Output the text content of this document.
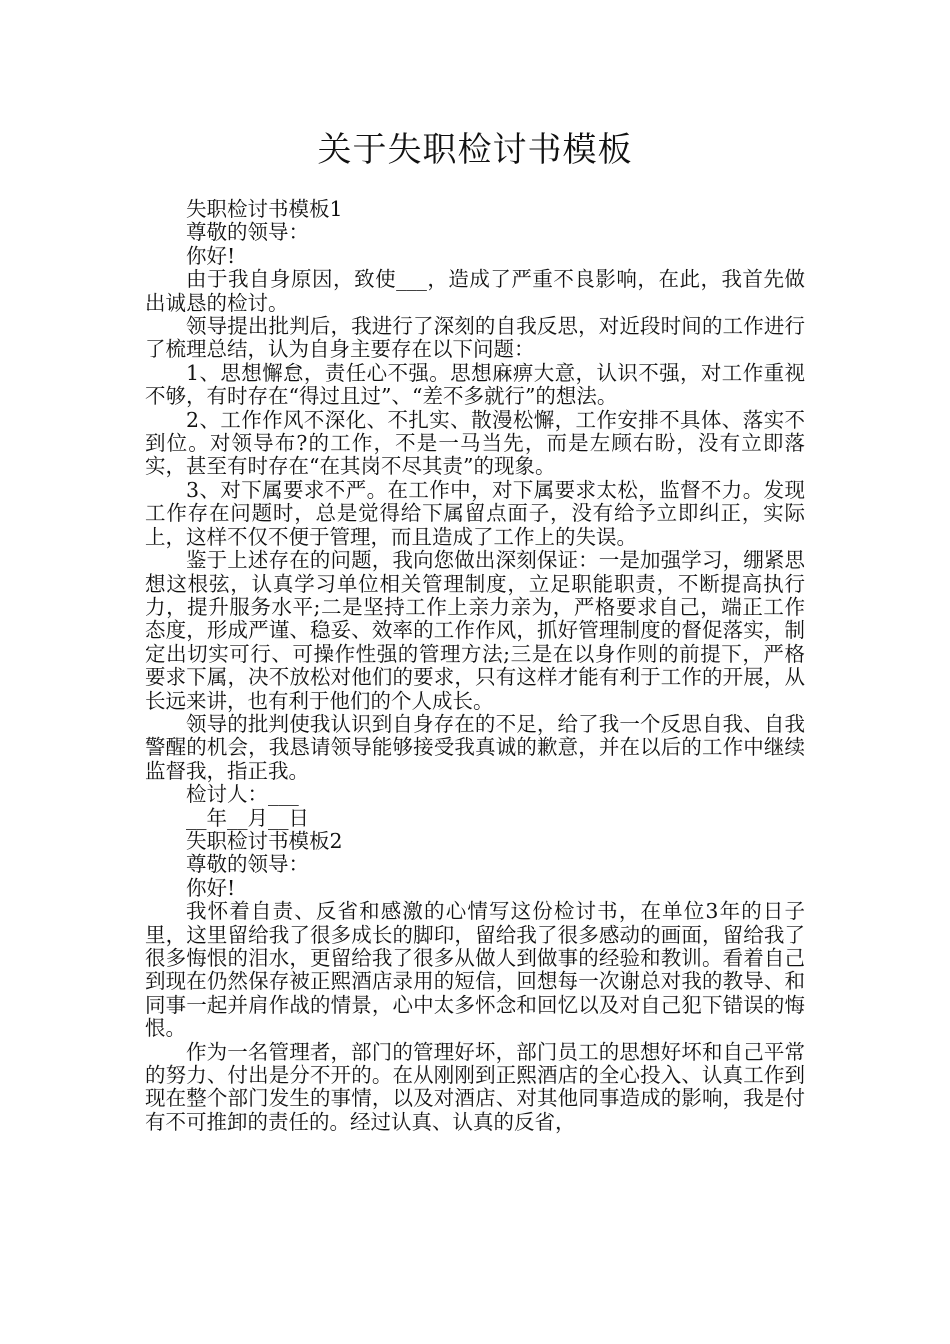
关于失职检讨书模板

失职检讨书模板1

尊敬的领导：

你好!

由于我自身原因，致使___，造成了严重不良影响，在此，我首先做出诚恳的检讨。

领导提出批判后，我进行了深刻的自我反思，对近段时间的工作进行了梳理总结，认为自身主要存在以下问题：

1、思想懈怠，责任心不强。思想麻痹大意，认识不强，对工作重视不够，有时存在“得过且过”、“差不多就行”的想法。

2、工作作风不深化、不扎实、散漫松懈，工作安排不具体、落实不到位。对领导布?的工作，不是一马当先，而是左顾右盼，没有立即落实，甚至有时存在“在其岗不尽其责”的现象。

3、对下属要求不严。在工作中，对下属要求太松，监督不力。发现工作存在问题时，总是觉得给下属留点面子，没有给予立即纠正，实际上，这样不仅不便于管理，而且造成了工作上的失误。

鉴于上述存在的问题，我向您做出深刻保证：一是加强学习，绷紧思想这根弦，认真学习单位相关管理制度，立足职能职责，不断提高执行力，提升服务水平;二是坚持工作上亲力亲为，严格要求自己，端正工作态度，形成严谨、稳妥、效率的工作作风，抓好管理制度的督促落实，制定出切实可行、可操作性强的管理方法;三是在以身作则的前提下，严格要求下属，决不放松对他们的要求，只有这样才能有利于工作的开展，从长远来讲，也有利于他们的个人成长。

领导的批判使我认识到自身存在的不足，给了我一个反思自我、自我警醒的机会，我恳请领导能够接受我真诚的歉意，并在以后的工作中继续监督我，指正我。

检讨人：___

__年__月__日

失职检讨书模板2

尊敬的领导：

你好!

我怀着自责、反省和感激的心情写这份检讨书，在单位3年的日子里，这里留给我了很多成长的脚印，留给我了很多感动的画面，留给我了很多悔恨的泪水，更留给我了很多从做人到做事的经验和教训。看着自己到现在仍然保存被正熙酒店录用的短信，回想每一次谢总对我的教导、和同事一起并肩作战的情景，心中太多怀念和回忆以及对自己犯下错误的悔恨。

作为一名管理者，部门的管理好坏，部门员工的思想好坏和自己平常的努力、付出是分不开的。在从刚刚到正熙酒店的全心投入、认真工作到现在整个部门发生的事情，以及对酒店、对其他同事造成的影响，我是付有不可推卸的责任的。经过认真、认真的反省，
